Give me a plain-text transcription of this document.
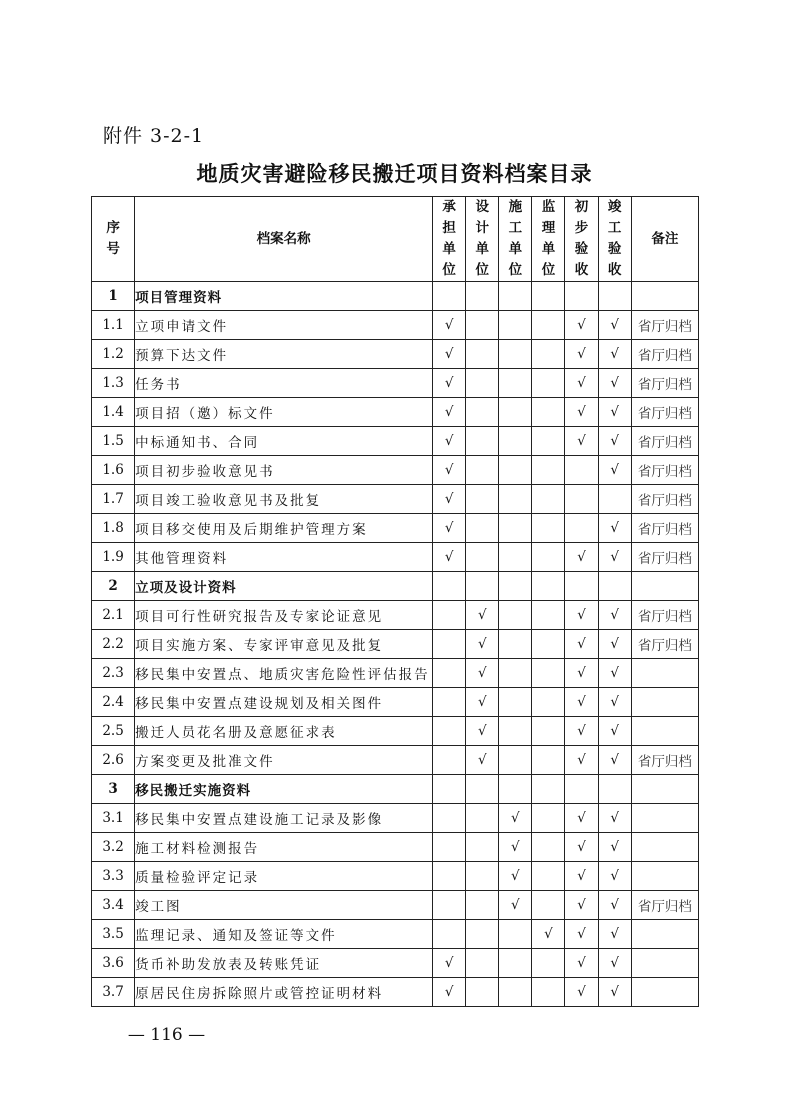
附件 3-2-1
地质灾害避险移民搬迁项目资料档案目录
序号	档案名称	承担单位	设计单位	施工单位	监理单位	初步验收	竣工验收	备注
1	项目管理资料							
1.1	立项申请文件	√				√	√	省厅归档
1.2	预算下达文件	√				√	√	省厅归档
1.3	任务书	√				√	√	省厅归档
1.4	项目招（邀）标文件	√				√	√	省厅归档
1.5	中标通知书、合同	√				√	√	省厅归档
1.6	项目初步验收意见书	√					√	省厅归档
1.7	项目竣工验收意见书及批复	√						省厅归档
1.8	项目移交使用及后期维护管理方案	√					√	省厅归档
1.9	其他管理资料	√				√	√	省厅归档
2	立项及设计资料							
2.1	项目可行性研究报告及专家论证意见		√			√	√	省厅归档
2.2	项目实施方案、专家评审意见及批复		√			√	√	省厅归档
2.3	移民集中安置点、地质灾害危险性评估报告		√			√	√	
2.4	移民集中安置点建设规划及相关图件		√			√	√	
2.5	搬迁人员花名册及意愿征求表		√			√	√	
2.6	方案变更及批准文件		√			√	√	省厅归档
3	移民搬迁实施资料							
3.1	移民集中安置点建设施工记录及影像			√		√	√	
3.2	施工材料检测报告			√		√	√	
3.3	质量检验评定记录			√		√	√	
3.4	竣工图			√		√	√	省厅归档
3.5	监理记录、通知及签证等文件				√	√	√	
3.6	货币补助发放表及转账凭证	√				√	√	
3.7	原居民住房拆除照片或管控证明材料	√				√	√	
— 116 —
